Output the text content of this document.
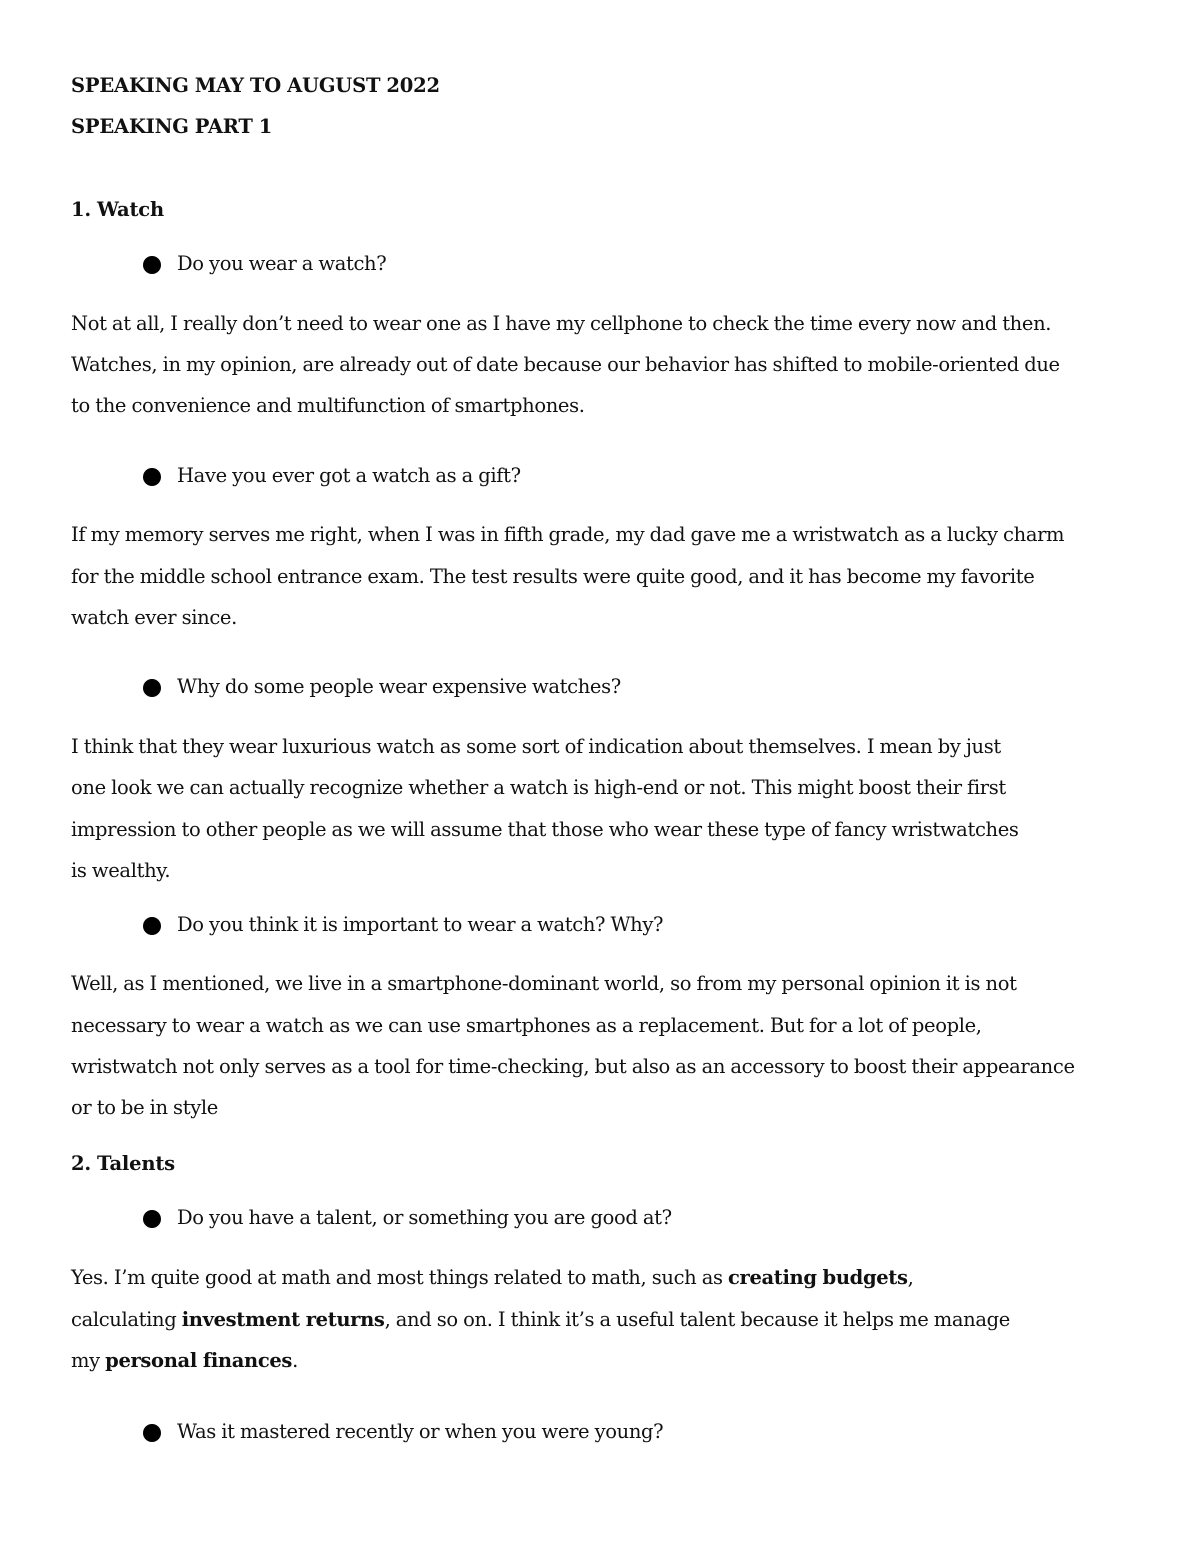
SPEAKING MAY TO AUGUST 2022
SPEAKING PART 1
1. Watch
Do you wear a watch?
Not at all, I really don’t need to wear one as I have my cellphone to check the time every now and then.
Watches, in my opinion, are already out of date because our behavior has shifted to mobile-oriented due
to the convenience and multifunction of smartphones.
Have you ever got a watch as a gift?
If my memory serves me right, when I was in fifth grade, my dad gave me a wristwatch as a lucky charm
for the middle school entrance exam. The test results were quite good, and it has become my favorite
watch ever since.
Why do some people wear expensive watches?
I think that they wear luxurious watch as some sort of indication about themselves. I mean by just
one look we can actually recognize whether a watch is high-end or not. This might boost their first
impression to other people as we will assume that those who wear these type of fancy wristwatches
is wealthy.
Do you think it is important to wear a watch? Why?
Well, as I mentioned, we live in a smartphone-dominant world, so from my personal opinion it is not
necessary to wear a watch as we can use smartphones as a replacement. But for a lot of people,
wristwatch not only serves as a tool for time-checking, but also as an accessory to boost their appearance
or to be in style
2. Talents
Do you have a talent, or something you are good at?
Yes. I’m quite good at math and most things related to math, such as creating budgets,
calculating investment returns, and so on. I think it’s a useful talent because it helps me manage
my personal finances.
Was it mastered recently or when you were young?
